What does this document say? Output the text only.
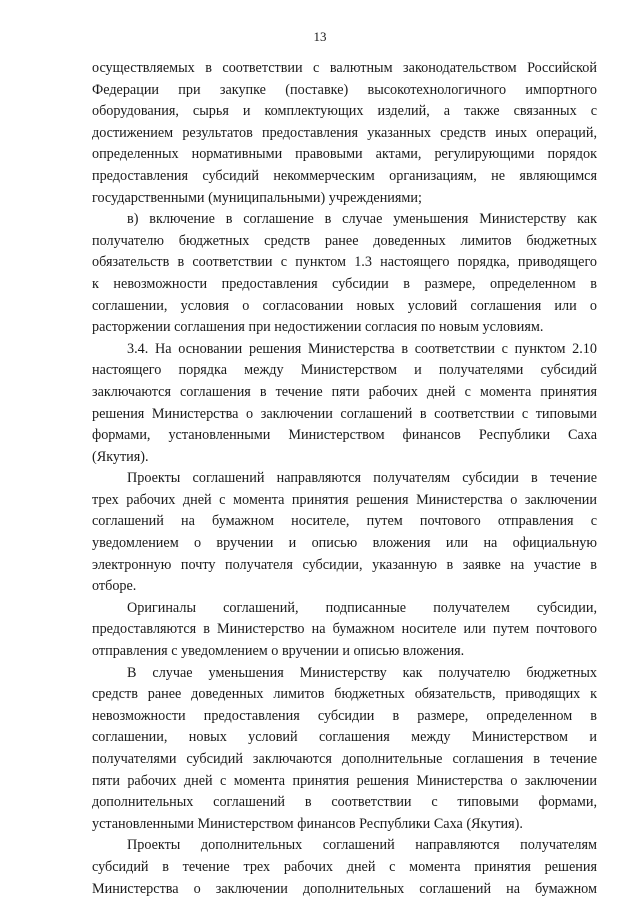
13
осуществляемых в соответствии с валютным законодательством Российской
Федерации при закупке (поставке) высокотехнологичного импортного
оборудования, сырья и комплектующих изделий, а также связанных с
достижением результатов предоставления указанных средств иных операций,
определенных нормативными правовыми актами, регулирующими порядок
предоставления субсидий некоммерческим организациям, не являющимся
государственными (муниципальными) учреждениями;
в) включение в соглашение в случае уменьшения Министерству как
получателю бюджетных средств ранее доведенных лимитов бюджетных
обязательств в соответствии с пунктом 1.3 настоящего порядка, приводящего
к невозможности предоставления субсидии в размере, определенном в
соглашении, условия о согласовании новых условий соглашения или о
расторжении соглашения при недостижении согласия по новым условиям.
3.4. На основании решения Министерства в соответствии с пунктом 2.10
настоящего порядка между Министерством и получателями субсидий
заключаются соглашения в течение пяти рабочих дней с момента принятия
решения Министерства о заключении соглашений в соответствии с типовыми
формами, установленными Министерством финансов Республики Саха
(Якутия).
Проекты соглашений направляются получателям субсидии в течение
трех рабочих дней с момента принятия решения Министерства о заключении
соглашений на бумажном носителе, путем почтового отправления с
уведомлением о вручении и описью вложения или на официальную
электронную почту получателя субсидии, указанную в заявке на участие в
отборе.
Оригиналы соглашений, подписанные получателем субсидии,
предоставляются в Министерство на бумажном носителе или путем почтового
отправления с уведомлением о вручении и описью вложения.
В случае уменьшения Министерству как получателю бюджетных
средств ранее доведенных лимитов бюджетных обязательств, приводящих к
невозможности предоставления субсидии в размере, определенном в
соглашении, новых условий соглашения между Министерством и
получателями субсидий заключаются дополнительные соглашения в течение
пяти рабочих дней с момента принятия решения Министерства о заключении
дополнительных соглашений в соответствии с типовыми формами,
установленными Министерством финансов Республики Саха (Якутия).
Проекты дополнительных соглашений направляются получателям
субсидий в течение трех рабочих дней с момента принятия решения
Министерства о заключении дополнительных соглашений на бумажном
